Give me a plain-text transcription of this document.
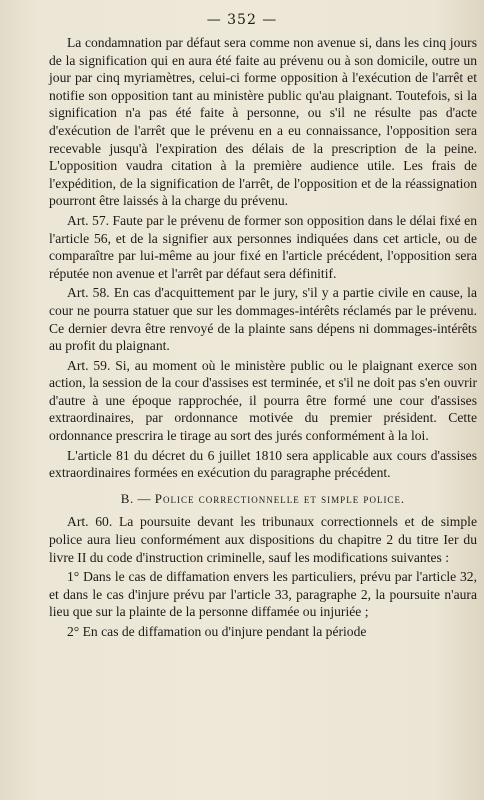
— 352 —

La condamnation par défaut sera comme non avenue si, dans les cinq jours de la signification qui en aura été faite au prévenu ou à son domicile, outre un jour par cinq myriamètres, celui-ci forme opposition à l'exécution de l'arrêt et notifie son opposition tant au ministère public qu'au plaignant. Toutefois, si la signification n'a pas été faite à personne, ou s'il ne résulte pas d'acte d'exécution de l'arrêt que le prévenu en a eu connaissance, l'opposition sera recevable jusqu'à l'expiration des délais de la prescription de la peine. L'opposition vaudra citation à la première audience utile. Les frais de l'expédition, de la signification de l'arrêt, de l'opposition et de la réassignation pourront être laissés à la charge du prévenu.

Art. 57. Faute par le prévenu de former son opposition dans le délai fixé en l'article 56, et de la signifier aux personnes indiquées dans cet article, ou de comparaître par lui-même au jour fixé en l'article précédent, l'opposition sera réputée non avenue et l'arrêt par défaut sera définitif.

Art. 58. En cas d'acquittement par le jury, s'il y a partie civile en cause, la cour ne pourra statuer que sur les dommages-intérêts réclamés par le prévenu. Ce dernier devra être renvoyé de la plainte sans dépens ni dommages-intérêts au profit du plaignant.

Art. 59. Si, au moment où le ministère public ou le plaignant exerce son action, la session de la cour d'assises est terminée, et s'il ne doit pas s'en ouvrir d'autre à une époque rapprochée, il pourra être formé une cour d'assises extraordinaires, par ordonnance motivée du premier président. Cette ordonnance prescrira le tirage au sort des jurés conformément à la loi.

L'article 81 du décret du 6 juillet 1810 sera applicable aux cours d'assises extraordinaires formées en exécution du paragraphe précédent.

B. — Police correctionnelle et simple police.

Art. 60. La poursuite devant les tribunaux correctionnels et de simple police aura lieu conformément aux dispositions du chapitre 2 du titre Ier du livre II du code d'instruction criminelle, sauf les modifications suivantes :

1° Dans le cas de diffamation envers les particuliers, prévu par l'article 32, et dans le cas d'injure prévu par l'article 33, paragraphe 2, la poursuite n'aura lieu que sur la plainte de la personne diffamée ou injuriée ;

2° En cas de diffamation ou d'injure pendant la période
